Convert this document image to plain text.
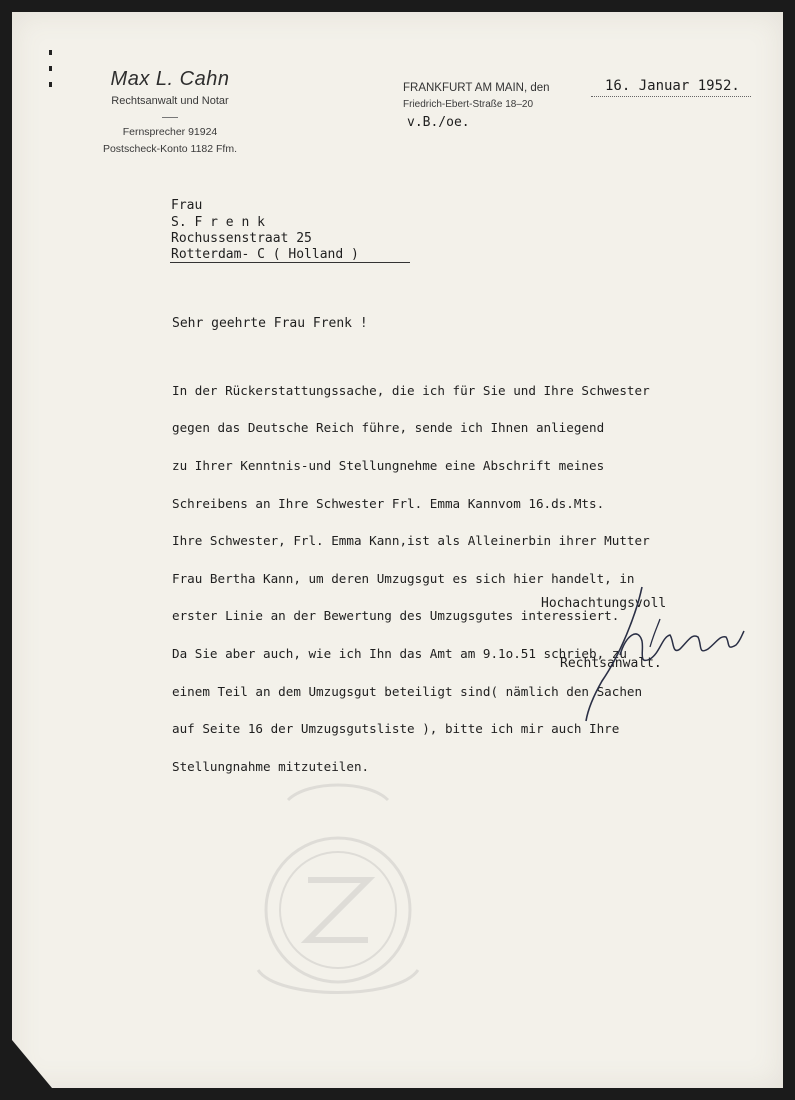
Max L. Cahn
Rechtsanwalt und Notar
Fernsprecher 91924
Postscheck-Konto 1182 Ffm.
FRANKFURT AM MAIN, den	16. Januar 1952.
Friedrich-Ebert-Straße 18–20
v.B./oe.
Frau
S. F r e n k
Rochussenstraat 25
Rotterdam- C ( Holland )
Sehr geehrte Frau Frenk !

In der Rückerstattungssache, die ich für Sie und Ihre Schwester

gegen das Deutsche Reich führe, sende ich Ihnen anliegend

zu Ihrer Kenntnis-und Stellungnehme eine Abschrift meines

Schreibens an Ihre Schwester Frl. Emma Kannvom 16.ds.Mts.

Ihre Schwester, Frl. Emma Kann,ist als Alleinerbin ihrer Mutter

Frau Bertha Kann, um deren Umzugsgut es sich hier handelt, in

erster Linie an der Bewertung des Umzugsgutes interessiert.

Da Sie aber auch, wie ich Ihn das Amt am 9.1o.51 schrieb, zu

einem Teil an dem Umzugsgut beteiligt sind( nämlich den Sachen

auf Seite 16 der Umzugsgutsliste ), bitte ich mir auch Ihre

Stellungnahme mitzuteilen.

Hochachtungsvoll
Rechtsanwalt.
